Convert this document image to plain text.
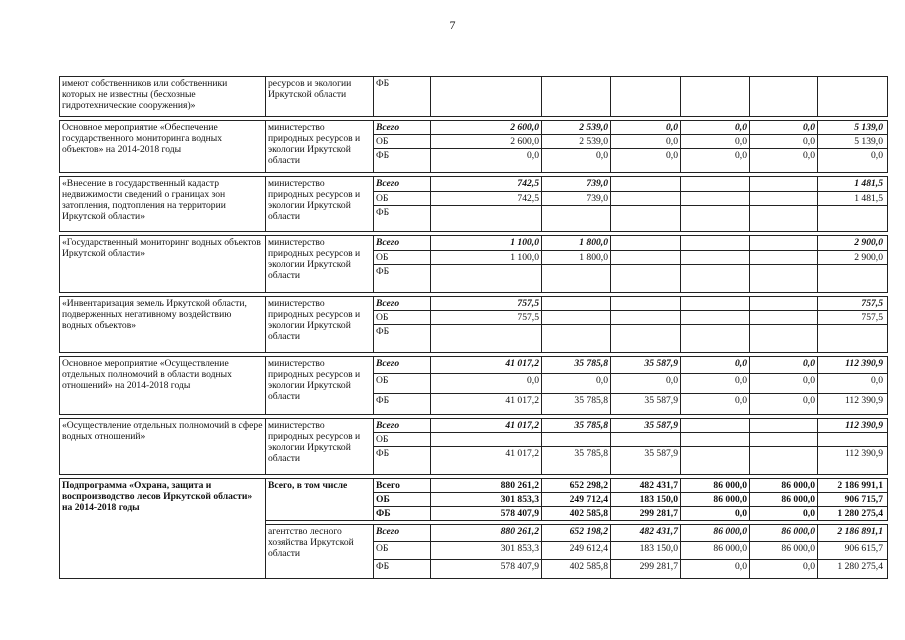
7
имеют собственников или собственники которых не известны (бесхозные гидротехнические сооружения)»	ресурсов и экологии Иркутской области	ФБ						

Основное мероприятие «Обеспечение государственного мониторинга водных объектов» на 2014-2018 годы	министерство природных ресурсов и экологии Иркутской области	Всего	2 600,0	2 539,0	0,0	0,0	0,0	5 139,0
		ОБ	2 600,0	2 539,0	0,0	0,0	0,0	5 139,0
		ФБ	0,0	0,0	0,0	0,0	0,0	0,0

«Внесение в государственный кадастр недвижимости сведений о границах зон затопления, подтопления на территории Иркутской области»	министерство природных ресурсов и экологии Иркутской области	Всего	742,5	739,0				1 481,5
		ОБ	742,5	739,0				1 481,5
		ФБ						

«Государственный мониторинг водных объектов Иркутской области»	министерство природных ресурсов и экологии Иркутской области	Всего	1 100,0	1 800,0				2 900,0
		ОБ	1 100,0	1 800,0				2 900,0
		ФБ						

«Инвентаризация земель Иркутской области, подверженных негативному воздействию водных объектов»	министерство природных ресурсов и экологии Иркутской области	Всего	757,5					757,5
		ОБ	757,5					757,5
		ФБ						

Основное мероприятие «Осуществление отдельных полномочий в области водных отношений» на 2014-2018 годы	министерство природных ресурсов и экологии Иркутской области	Всего	41 017,2	35 785,8	35 587,9	0,0	0,0	112 390,9
		ОБ	0,0	0,0	0,0	0,0	0,0	0,0
		ФБ	41 017,2	35 785,8	35 587,9	0,0	0,0	112 390,9

«Осуществление отдельных полномочий в сфере водных отношений»	министерство природных ресурсов и экологии Иркутской области	Всего	41 017,2	35 785,8	35 587,9			112 390,9
		ОБ						
		ФБ	41 017,2	35 785,8	35 587,9			112 390,9

Подпрограмма «Охрана, защита и воспроизводство лесов Иркутской области» на 2014-2018 годы	Всего, в том числе	Всего	880 261,2	652 298,2	482 431,7	86 000,0	86 000,0	2 186 991,1
		ОБ	301 853,3	249 712,4	183 150,0	86 000,0	86 000,0	906 715,7
		ФБ	578 407,9	402 585,8	299 281,7	0,0	0,0	1 280 275,4

	агентство лесного хозяйства Иркутской области	Всего	880 261,2	652 198,2	482 431,7	86 000,0	86 000,0	2 186 891,1
		ОБ	301 853,3	249 612,4	183 150,0	86 000,0	86 000,0	906 615,7
		ФБ	578 407,9	402 585,8	299 281,7	0,0	0,0	1 280 275,4
